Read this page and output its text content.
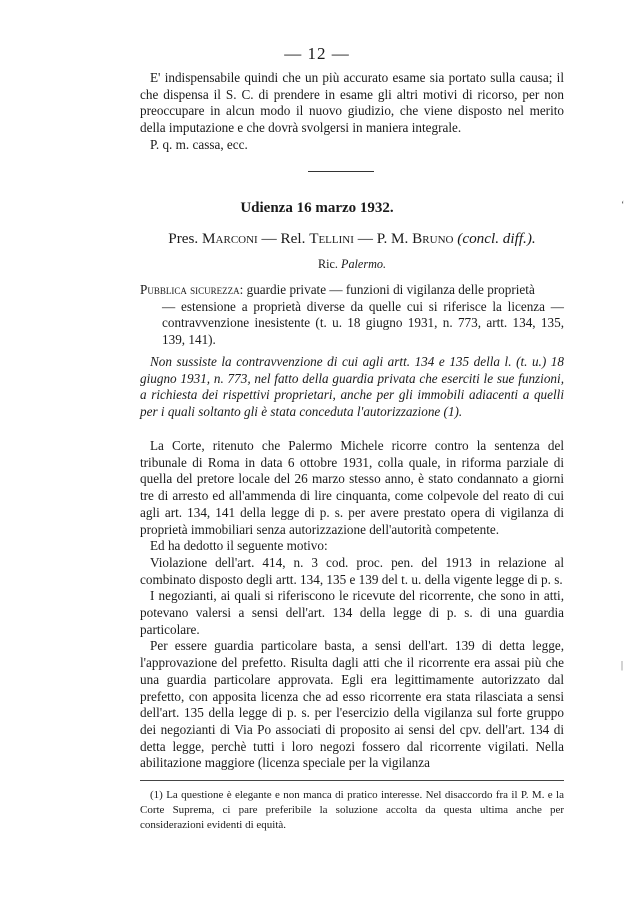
— 12 —
E' indispensabile quindi che un più accurato esame sia portato sulla causa; il che dispensa il S. C. di prendere in esame gli altri motivi di ricorso, per non preoccupare in alcun modo il nuovo giudizio, che viene disposto nel merito della imputazione e che dovrà svolgersi in maniera integrale.
P. q. m. cassa, ecc.
Udienza 16 marzo 1932.
Pres. Marconi — Rel. Tellini — P. M. Bruno (concl. diff.).
Ric. Palermo.
Pubblica sicurezza: guardie private — funzioni di vigilanza delle proprietà
— estensione a proprietà diverse da quelle cui si riferisce la licenza — contravvenzione inesistente (t. u. 18 giugno 1931, n. 773, artt. 134, 135, 139, 141).
Non sussiste la contravvenzione di cui agli artt. 134 e 135 della l. (t. u.) 18 giugno 1931, n. 773, nel fatto della guardia privata che eserciti le sue funzioni, a richiesta dei rispettivi proprietari, anche per gli immobili adiacenti a quelli per i quali soltanto gli è stata conceduta l'autorizzazione (1).

La Corte, ritenuto che Palermo Michele ricorre contro la sentenza del tribunale di Roma in data 6 ottobre 1931, colla quale, in riforma parziale di quella del pretore locale del 26 marzo stesso anno, è stato condannato a giorni tre di arresto ed all'ammenda di lire cinquanta, come colpevole del reato di cui agli art. 134, 141 della legge di p. s. per avere prestato opera di vigilanza di proprietà immobiliari senza autorizzazione dell'autorità competente.

Ed ha dedotto il seguente motivo:

Violazione dell'art. 414, n. 3 cod. proc. pen. del 1913 in relazione al combinato disposto degli artt. 134, 135 e 139 del t. u. della vigente legge di p. s.

I negozianti, ai quali si riferiscono le ricevute del ricorrente, che sono in atti, potevano valersi a sensi dell'art. 134 della legge di p. s. di una guardia particolare.

Per essere guardia particolare basta, a sensi dell'art. 139 di detta legge, l'approvazione del prefetto. Risulta dagli atti che il ricorrente era assai più che una guardia particolare approvata. Egli era legittimamente autorizzato dal prefetto, con apposita licenza che ad esso ricorrente era stata rilasciata a sensi dell'art. 135 della legge di p. s. per l'esercizio della vigilanza sul forte gruppo dei negozianti di Via Po associati di proposito ai sensi del cpv. dell'art. 134 di detta legge, perchè tutti i loro negozi fossero dal ricorrente vigilati. Nella abilitazione maggiore (licenza speciale per la vigilanza

(1) La questione è elegante e non manca di pratico interesse. Nel disaccordo fra il P. M. e la Corte Suprema, ci pare preferibile la soluzione accolta da questa ultima anche per considerazioni evidenti di equità.
ʻ
|
